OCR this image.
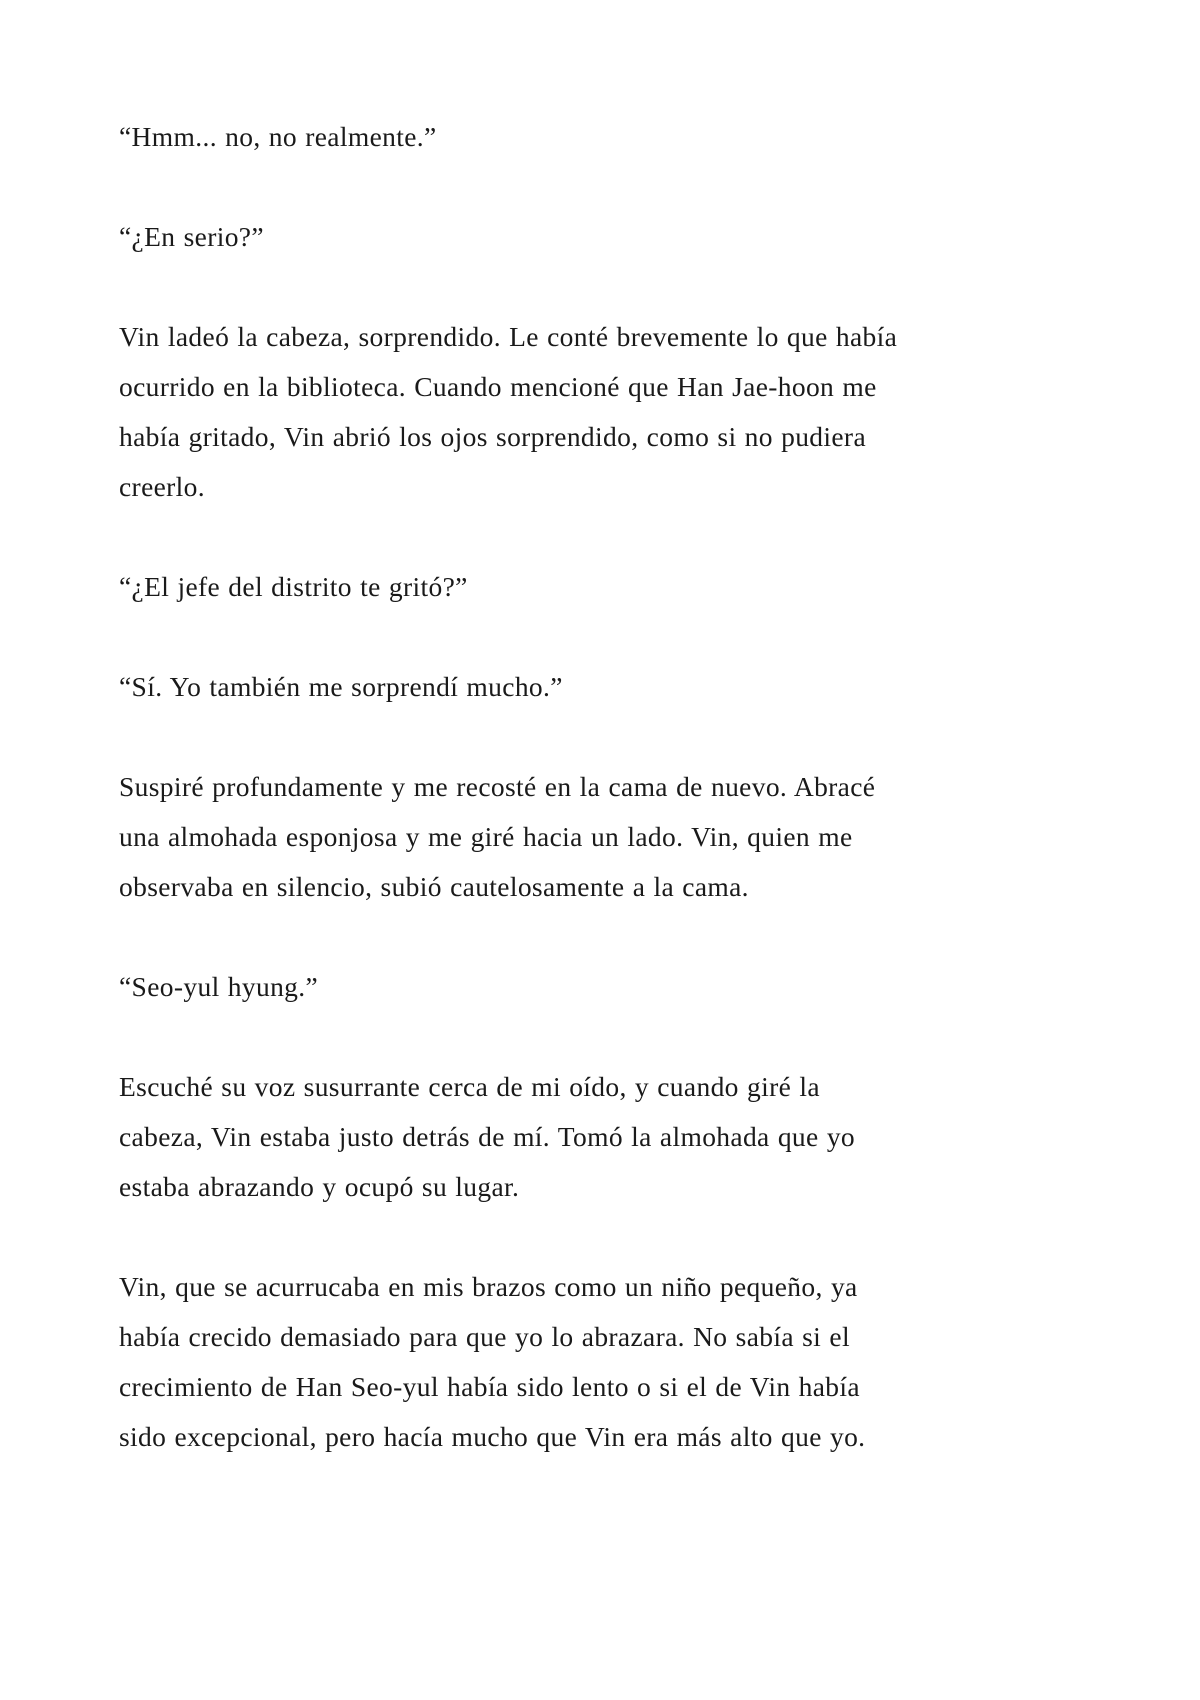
“Hmm... no, no realmente.”

“¿En serio?”

Vin ladeó la cabeza, sorprendido. Le conté brevemente lo que había
ocurrido en la biblioteca. Cuando mencioné que Han Jae-hoon me
había gritado, Vin abrió los ojos sorprendido, como si no pudiera
creerlo.

“¿El jefe del distrito te gritó?”

“Sí. Yo también me sorprendí mucho.”

Suspiré profundamente y me recosté en la cama de nuevo. Abracé
una almohada esponjosa y me giré hacia un lado. Vin, quien me
observaba en silencio, subió cautelosamente a la cama.

“Seo-yul hyung.”

Escuché su voz susurrante cerca de mi oído, y cuando giré la
cabeza, Vin estaba justo detrás de mí. Tomó la almohada que yo
estaba abrazando y ocupó su lugar.

Vin, que se acurrucaba en mis brazos como un niño pequeño, ya
había crecido demasiado para que yo lo abrazara. No sabía si el
crecimiento de Han Seo-yul había sido lento o si el de Vin había
sido excepcional, pero hacía mucho que Vin era más alto que yo.
